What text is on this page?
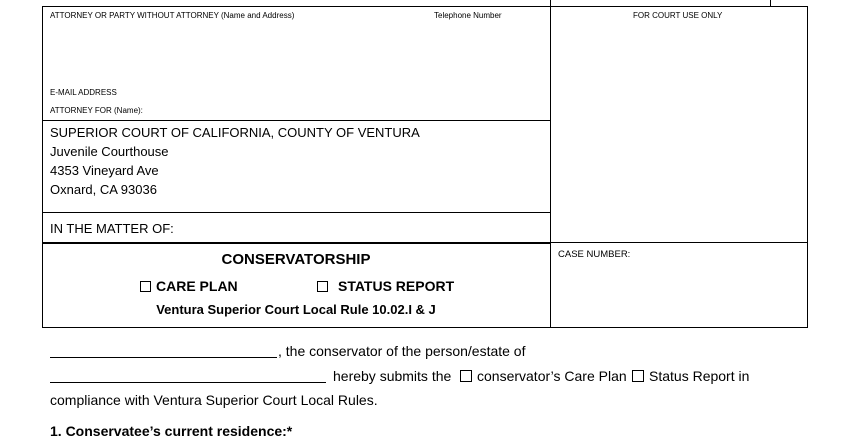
ATTORNEY OR PARTY WITHOUT ATTORNEY (Name and Address)	Telephone Number	FOR COURT USE ONLY
E-MAIL ADDRESS
ATTORNEY FOR (Name):
SUPERIOR COURT OF CALIFORNIA, COUNTY OF VENTURA
Juvenile Courthouse
4353 Vineyard Ave
Oxnard, CA 93036
IN THE MATTER OF:
CONSERVATORSHIP
CARE PLAN	STATUS REPORT
Ventura Superior Court Local Rule 10.02.I & J
CASE NUMBER:
, the conservator of the person/estate of
hereby submits the conservator’s Care Plan Status Report in
compliance with Ventura Superior Court Local Rules.
1. Conservatee’s current residence:*
